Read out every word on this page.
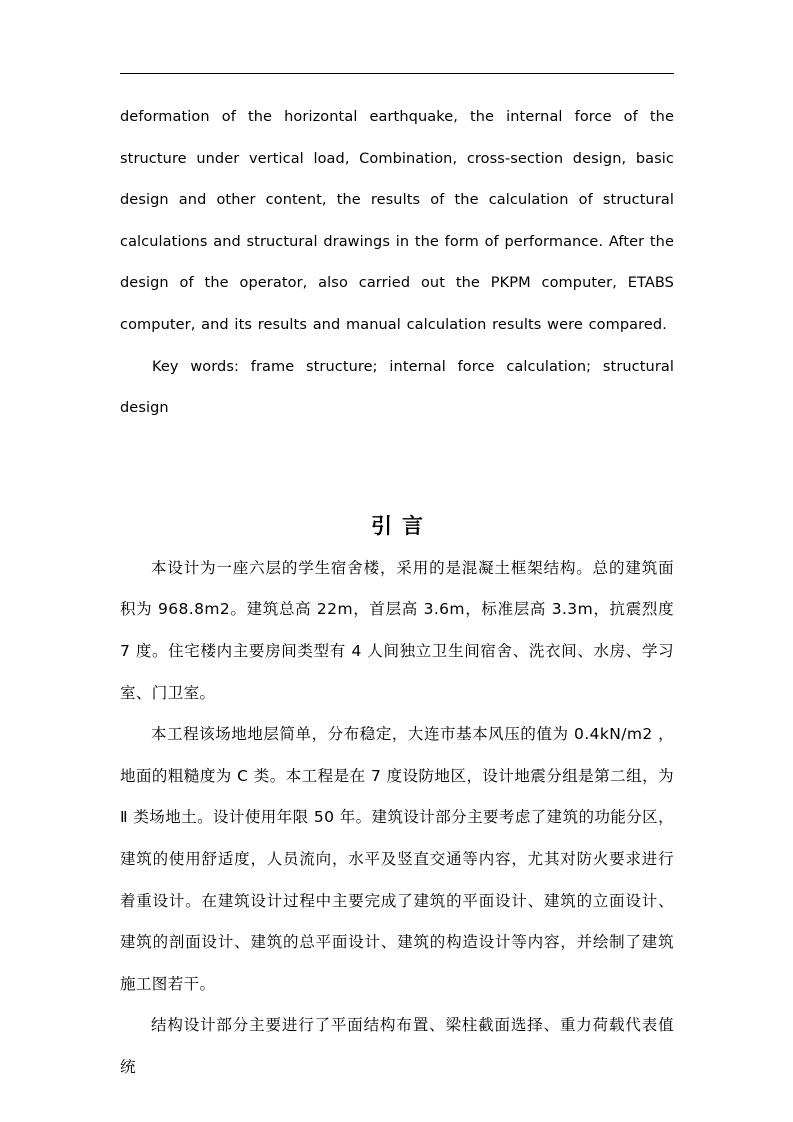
deformation of the horizontal earthquake, the internal force of the structure under vertical load, Combination, cross-section design, basic design and other content, the results of the calculation of structural calculations and structural drawings in the form of performance. After the design of the operator, also carried out the PKPM computer, ETABS computer, and its results and manual calculation results were compared.

Key words: frame structure; internal force calculation; structural design

引言

本设计为一座六层的学生宿舍楼，采用的是混凝土框架结构。总的建筑面积为 968.8m2。建筑总高 22m，首层高 3.6m，标准层高 3.3m，抗震烈度 7 度。住宅楼内主要房间类型有 4 人间独立卫生间宿舍、洗衣间、水房、学习室、门卫室。

本工程该场地地层简单，分布稳定，大连市基本风压的值为 0.4kN/m2 ，地面的粗糙度为 C 类。本工程是在 7 度设防地区，设计地震分组是第二组，为 Ⅱ 类场地土。设计使用年限 50 年。建筑设计部分主要考虑了建筑的功能分区，建筑的使用舒适度，人员流向，水平及竖直交通等内容，尤其对防火要求进行着重设计。在建筑设计过程中主要完成了建筑的平面设计、建筑的立面设计、建筑的剖面设计、建筑的总平面设计、建筑的构造设计等内容，并绘制了建筑施工图若干。

结构设计部分主要进行了平面结构布置、梁柱截面选择、重力荷载代表值统
